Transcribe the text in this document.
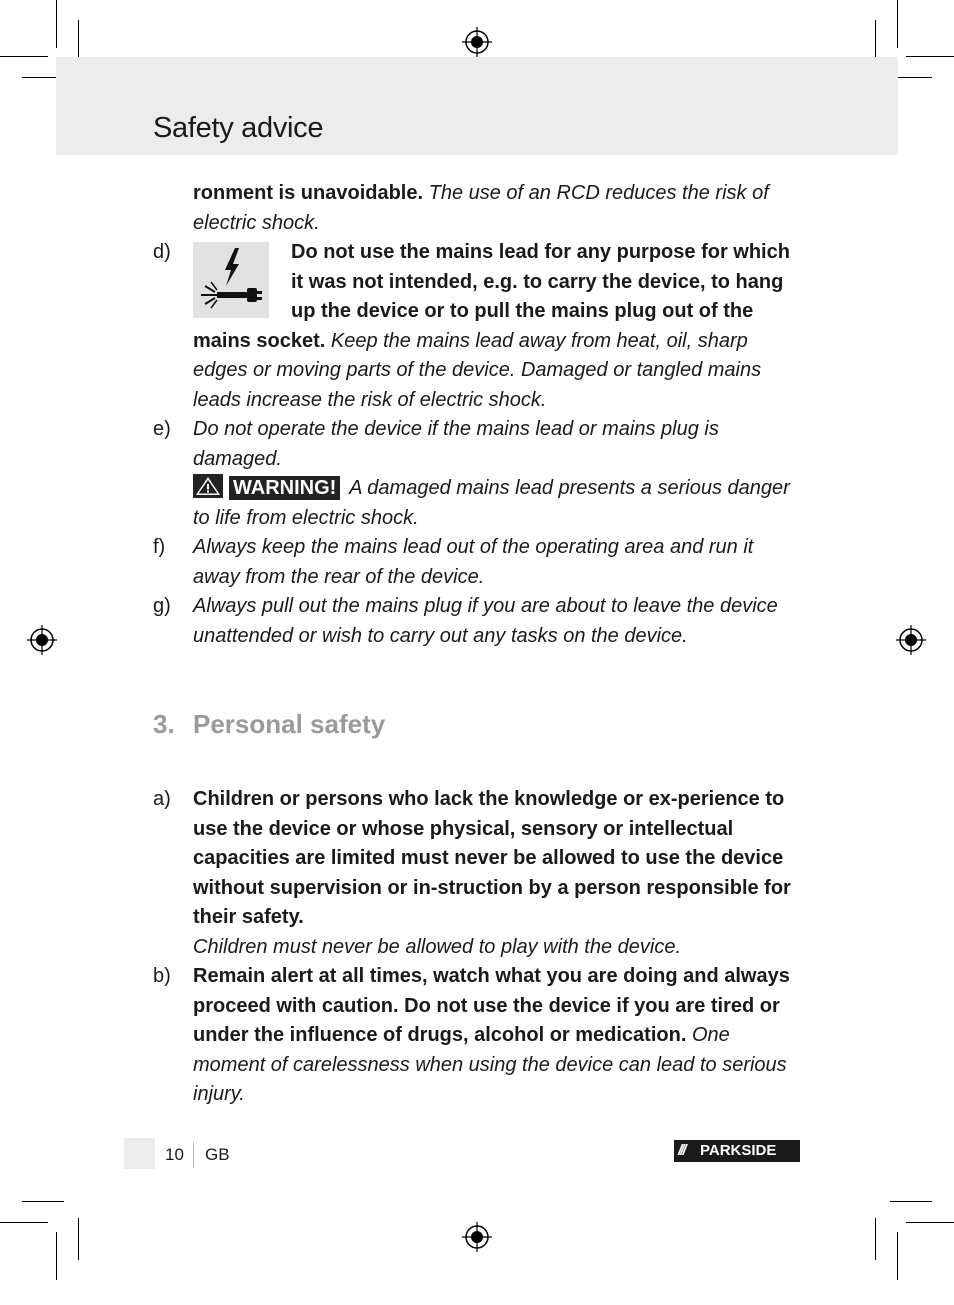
Safety advice
ronment is unavoidable. The use of an RCD reduces the risk of electric shock.
d)	Do not use the mains lead for any purpose for which it was not intended, e.g. to carry the device, to hang up the device or to pull the mains plug out of the mains socket. Keep the mains lead away from heat, oil, sharp edges or moving parts of the device. Damaged or tangled mains leads increase the risk of electric shock.
e) Do not operate the device if the mains lead or mains plug is damaged.

WARNING! A damaged mains lead presents a serious danger to life from electric shock.
f) Always keep the mains lead out of the operating area and run it away from the rear of the device.
g) Always pull out the mains plug if you are about to leave the device unattended or wish to carry out any tasks on the device.
3. Personal safety
a) Children or persons who lack the knowledge or ex-perience to use the device or whose physical, sensory or intellectual capacities are limited must never be allowed to use the device without supervision or in-struction by a person responsible for their safety.
Children must never be allowed to play with the device.
b) Remain alert at all times, watch what you are doing and always proceed with caution. Do not use the device if you are tired or under the influence of drugs, alcohol or medication. One moment of carelessness when using the device can lead to serious injury.
10 GB	/// PARKSIDE
